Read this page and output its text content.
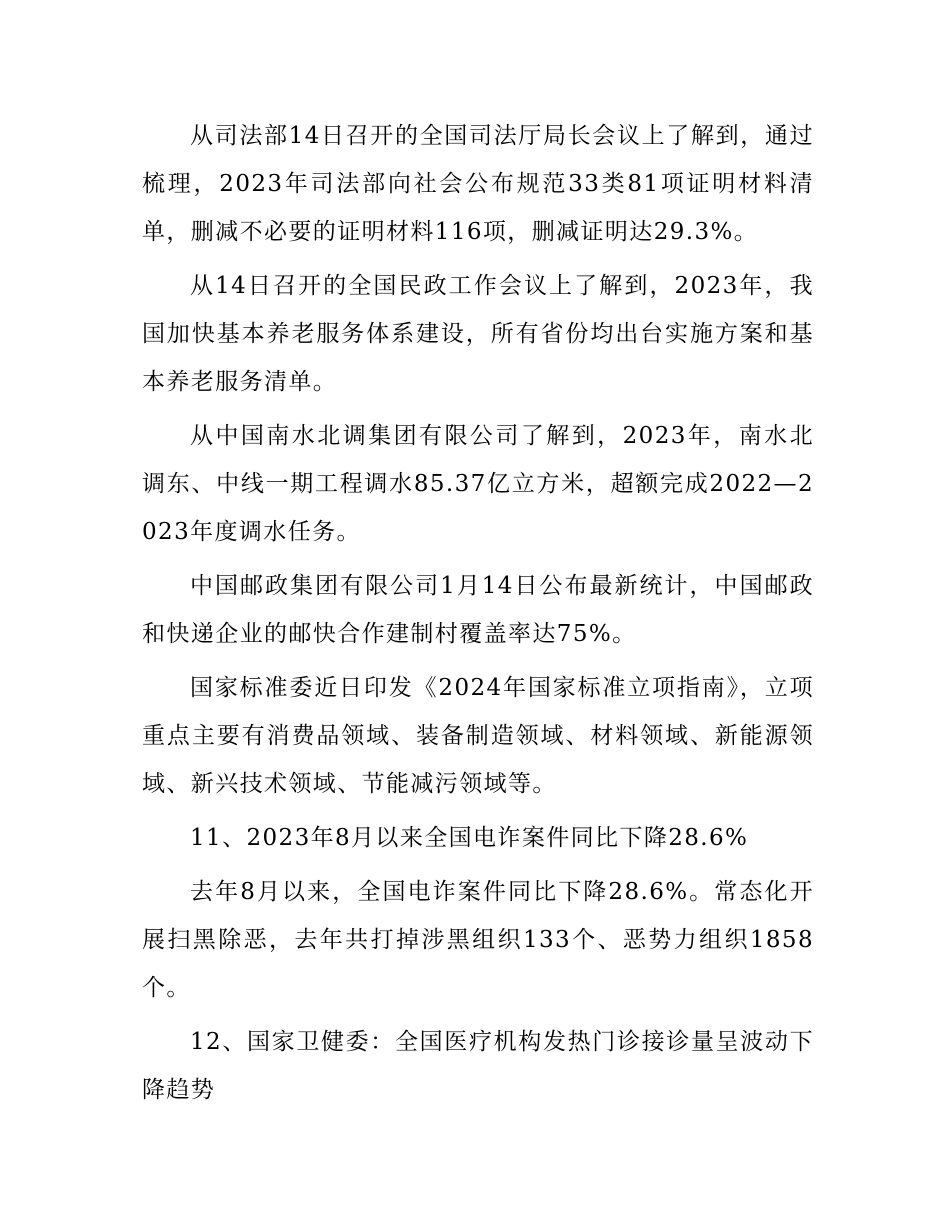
从司法部14日召开的全国司法厅局长会议上了解到，通过梳理，2023年司法部向社会公布规范33类81项证明材料清单，删减不必要的证明材料116项，删减证明达29.3%。

从14日召开的全国民政工作会议上了解到，2023年，我国加快基本养老服务体系建设，所有省份均出台实施方案和基本养老服务清单。

从中国南水北调集团有限公司了解到，2023年，南水北调东、中线一期工程调水85.37亿立方米，超额完成2022—2023年度调水任务。

中国邮政集团有限公司1月14日公布最新统计，中国邮政和快递企业的邮快合作建制村覆盖率达75%。

国家标准委近日印发《2024年国家标准立项指南》，立项重点主要有消费品领域、装备制造领域、材料领域、新能源领域、新兴技术领域、节能减污领域等。

11、2023年8月以来全国电诈案件同比下降28.6%

去年8月以来，全国电诈案件同比下降28.6%。常态化开展扫黑除恶，去年共打掉涉黑组织133个、恶势力组织1858个。

12、国家卫健委：全国医疗机构发热门诊接诊量呈波动下降趋势
